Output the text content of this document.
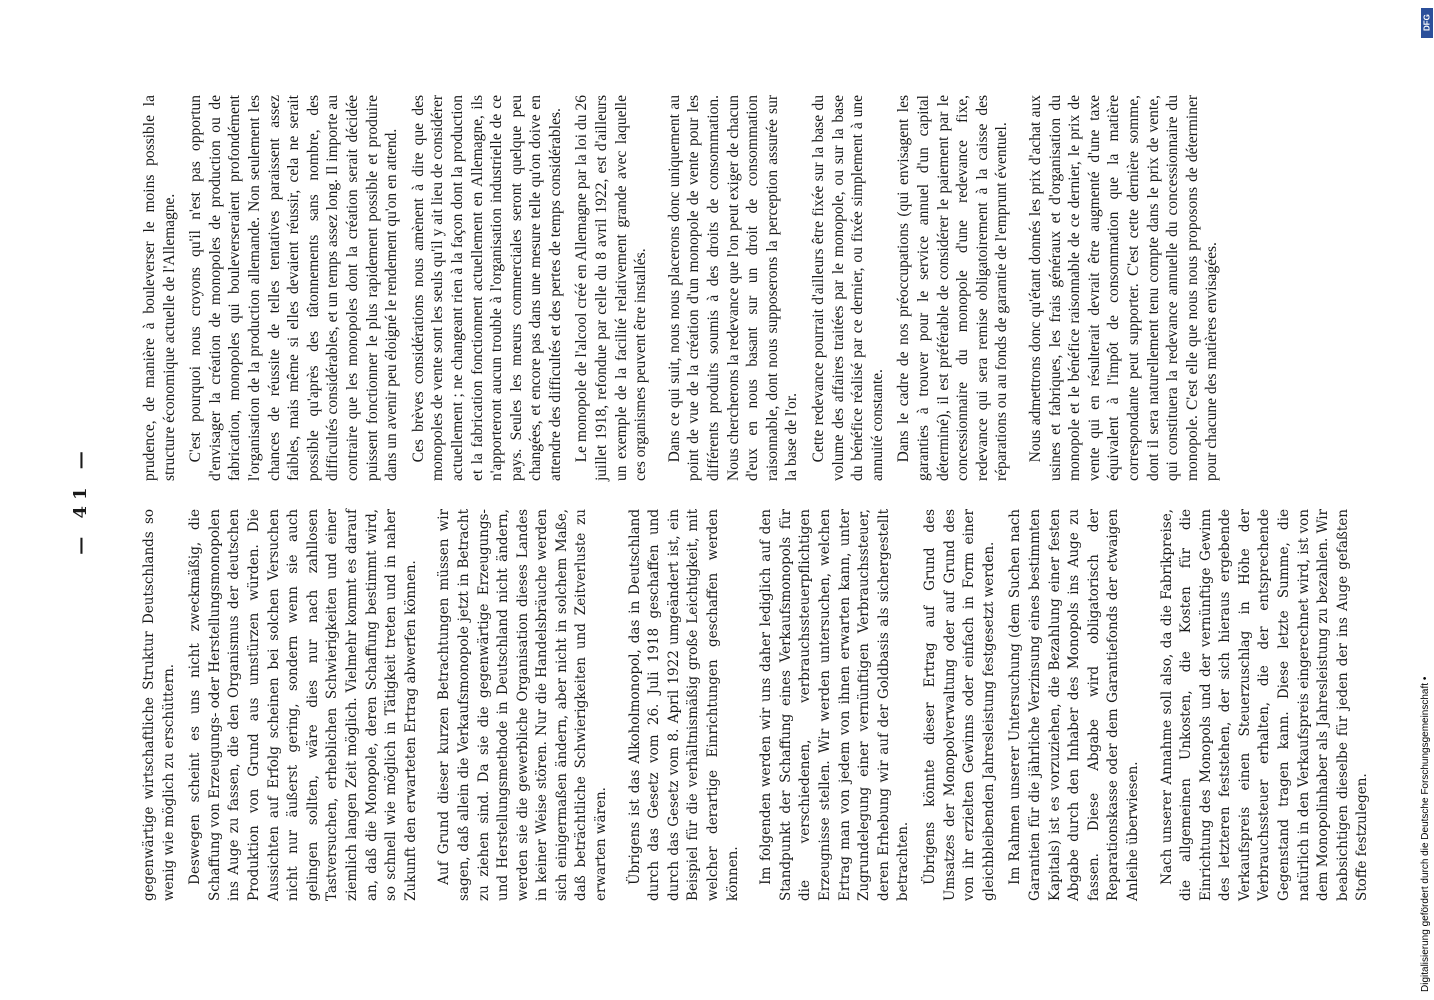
— 41 —

gegenwärtige wirtschaftliche Struktur Deutschlands so wenig wie möglich zu erschüttern. Deswegen scheint es uns nicht zweckmäßig, die Schaffung von Erzeugungs- oder Herstellungsmonopolen ins Auge zu fassen, die den Organismus der deutschen Produktion von Grund aus umstürzen würden. Die Aussichten auf Erfolg scheinen bei solchen Versuchen nicht nur äußerst gering, sondern wenn sie auch gelingen sollten, wäre dies nur nach zahllosen Tastversuchen, erheblichen Schwierigkeiten und einer ziemlich langen Zeit möglich. Vielmehr kommt es darauf an, daß die Monopole, deren Schaffung bestimmt wird, so schnell wie möglich in Tätigkeit treten und in naher Zukunft den erwarteten Ertrag abwerfen können. Auf Grund dieser kurzen Betrachtungen müssen wir sagen, daß allein die Verkaufsmonopole jetzt in Betracht zu ziehen sind. Da sie die gegenwärtige Erzeugungs- und Herstellungsmethode in Deutschland nicht ändern, werden sie die gewerbliche Organisation dieses Landes in keiner Weise stören. Nur die Handelsbräuche werden sich einigermaßen ändern, aber nicht in solchem Maße, daß beträchtliche Schwierigkeiten und Zeitverluste zu erwarten wären. Übrigens ist das Alkoholmonopol, das in Deutschland durch das Gesetz vom 26. Juli 1918 geschaffen und durch das Gesetz vom 8. April 1922 umgeändert ist, ein Beispiel für die verhältnismäßig große Leichtigkeit, mit welcher derartige Einrichtungen geschaffen werden können. Im folgenden werden wir uns daher lediglich auf den Standpunkt der Schaffung eines Verkaufsmonopols für die verschiedenen, verbrauchssteuerpflichtigen Erzeugnisse stellen. Wir werden untersuchen, welchen Ertrag man von jedem von ihnen erwarten kann, unter Zugrundelegung einer vernünftigen Verbrauchssteuer, deren Erhebung wir auf der Goldbasis als sichergestellt betrachten. Übrigens könnte dieser Ertrag auf Grund des Umsatzes der Monopolverwaltung oder auf Grund des von ihr erzielten Gewinns oder einfach in Form einer gleichbleibenden Jahresleistung festgesetzt werden. Im Rahmen unserer Untersuchung (dem Suchen nach Garantien für die jährliche Verzinsung eines bestimmten Kapitals) ist es vorzuziehen, die Bezahlung einer festen Abgabe durch den Inhaber des Monopols ins Auge zu fassen. Diese Abgabe wird obligatorisch der Reparationskasse oder dem Garantiefonds der etwaigen Anleihe überwiesen. Nach unserer Annahme soll also, da die Fabrikpreise, die allgemeinen Unkosten, die Kosten für die Einrichtung des Monopols und der vernünftige Gewinn des letzteren feststehen, der sich hieraus ergebende Verkaufspreis einen Steuerzuschlag in Höhe der Verbrauchssteuer erhalten, die der entsprechende Gegenstand tragen kann. Diese letzte Summe, die natürlich in den Verkaufspreis eingerechnet wird, ist von dem Monopolinhaber als Jahresleistung zu bezahlen. Wir beabsichtigen dieselbe für jeden der ins Auge gefaßten Stoffe festzulegen.

prudence, de manière à bouleverser le moins possible la structure économique actuelle de l'Allemagne. C'est pourquoi nous croyons qu'il n'est pas opportun d'envisager la création de monopoles de production ou de fabrication, monopoles qui bouleverseraient profondément l'organisation de la production allemande. Non seulement les chances de réussite de telles tentatives paraissent assez faibles, mais même si elles devaient réussir, cela ne serait possible qu'après des tâtonnements sans nombre, des difficultés considérables, et un temps assez long. Il importe au contraire que les monopoles dont la création serait décidée puissent fonctionner le plus rapidement possible et produire dans un avenir peu éloigné le rendement qu'on en attend. Ces brèves considérations nous amènent à dire que des monopoles de vente sont les seuls qu'il y ait lieu de considérer actuellement ; ne changeant rien à la façon dont la production et la fabrication fonctionnent actuellement en Allemagne, ils n'apporteront aucun trouble à l'organisation industrielle de ce pays. Seules les mœurs commerciales seront quelque peu changées, et encore pas dans une mesure telle qu'on doive en attendre des difficultés et des pertes de temps considérables. Le monopole de l'alcool créé en Allemagne par la loi du 26 juillet 1918, refondue par celle du 8 avril 1922, est d'ailleurs un exemple de la facilité relativement grande avec laquelle ces organismes peuvent être installés. Dans ce qui suit, nous nous placerons donc uniquement au point de vue de la création d'un monopole de vente pour les différents produits soumis à des droits de consommation. Nous chercherons la redevance que l'on peut exiger de chacun d'eux en nous basant sur un droit de consommation raisonnable, dont nous supposerons la perception assurée sur la base de l'or. Cette redevance pourrait d'ailleurs être fixée sur la base du volume des affaires traitées par le monopole, ou sur la base du bénéfice réalisé par ce dernier, ou fixée simplement à une annuité constante. Dans le cadre de nos préoccupations (qui envisagent les garanties à trouver pour le service annuel d'un capital déterminé), il est préférable de considérer le paiement par le concessionnaire du monopole d'une redevance fixe, redevance qui sera remise obligatoirement à la caisse des réparations ou au fonds de garantie de l'emprunt éventuel. Nous admettrons donc qu'étant donnés les prix d'achat aux usines et fabriques, les frais généraux et d'organisation du monopole et le bénéfice raisonnable de ce dernier, le prix de vente qui en résulterait devrait être augmenté d'une taxe équivalent à l'impôt de consommation que la matière correspondante peut supporter. C'est cette dernière somme, dont il sera naturellement tenu compte dans le prix de vente, qui constituera la redevance annuelle du concessionnaire du monopole. C'est elle que nous nous proposons de déterminer pour chacune des matières envisagées.

DFG
Digitalisierung gefördert durch die Deutsche Forschungsgemeinschaft •
